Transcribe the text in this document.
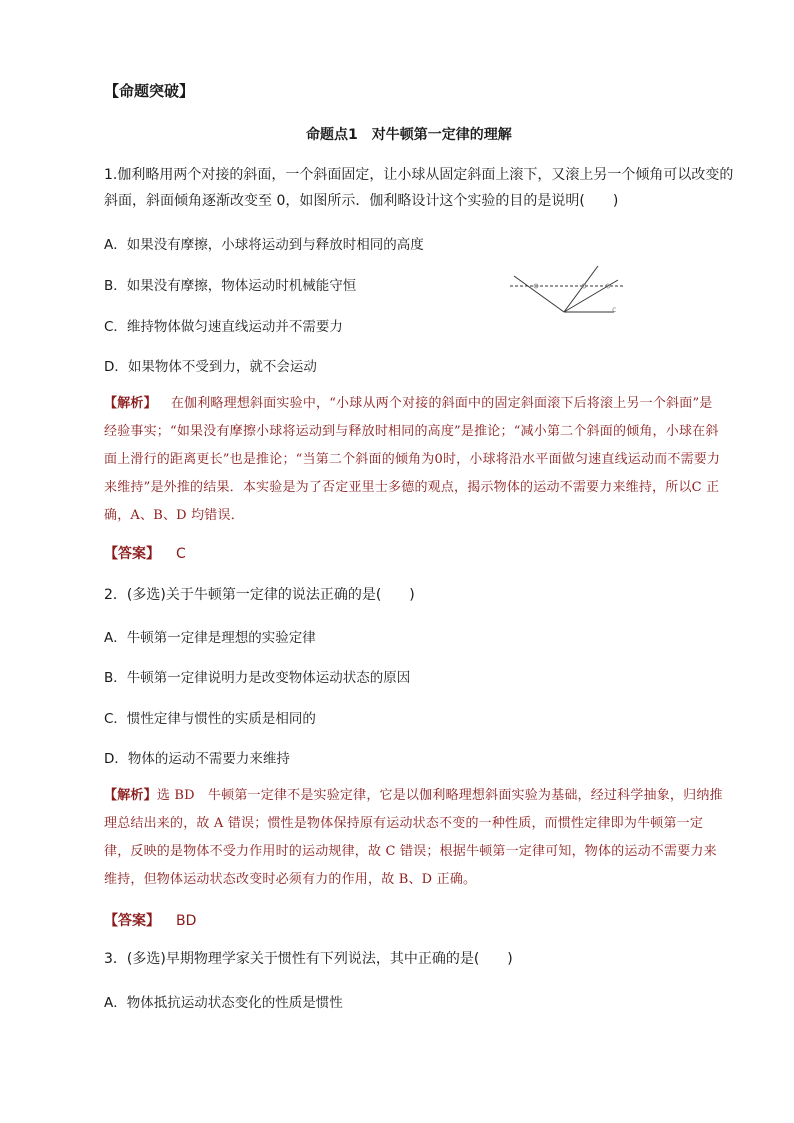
【命题突破】
命题点1　对牛顿第一定律的理解
1.伽利略用两个对接的斜面，一个斜面固定，让小球从固定斜面上滚下，又滚上另一个倾角可以改变的
斜面，斜面倾角逐渐改变至 0，如图所示．伽利略设计这个实验的目的是说明(　　)
A．如果没有摩擦，小球将运动到与释放时相同的高度
B．如果没有摩擦，物体运动时机械能守恒
C．维持物体做匀速直线运动并不需要力
D．如果物体不受到力，就不会运动
c
【解析】 在伽利略理想斜面实验中，“小球从两个对接的斜面中的固定斜面滚下后将滚上另一个斜面”是经验事实；“如果没有摩擦小球将运动到与释放时相同的高度”是推论；“减小第二个斜面的倾角，小球在斜面上滑行的距离更长”也是推论；“当第二个斜面的倾角为0时，小球将沿水平面做匀速直线运动而不需要力来维持”是外推的结果．本实验是为了否定亚里士多德的观点，揭示物体的运动不需要力来维持，所以C 正确，A、B、D 均错误．
【答案】 C
2．(多选)关于牛顿第一定律的说法正确的是(　　)
A．牛顿第一定律是理想的实验定律
B．牛顿第一定律说明力是改变物体运动状态的原因
C．惯性定律与惯性的实质是相同的
D．物体的运动不需要力来维持
【解析】选 BD　牛顿第一定律不是实验定律，它是以伽利略理想斜面实验为基础，经过科学抽象，归纳推理总结出来的，故 A 错误；惯性是物体保持原有运动状态不变的一种性质，而惯性定律即为牛顿第一定律，反映的是物体不受力作用时的运动规律，故 C 错误；根据牛顿第一定律可知，物体的运动不需要力来维持，但物体运动状态改变时必须有力的作用，故 B、D 正确。
【答案】 BD
3．(多选)早期物理学家关于惯性有下列说法，其中正确的是(　　)
A．物体抵抗运动状态变化的性质是惯性
